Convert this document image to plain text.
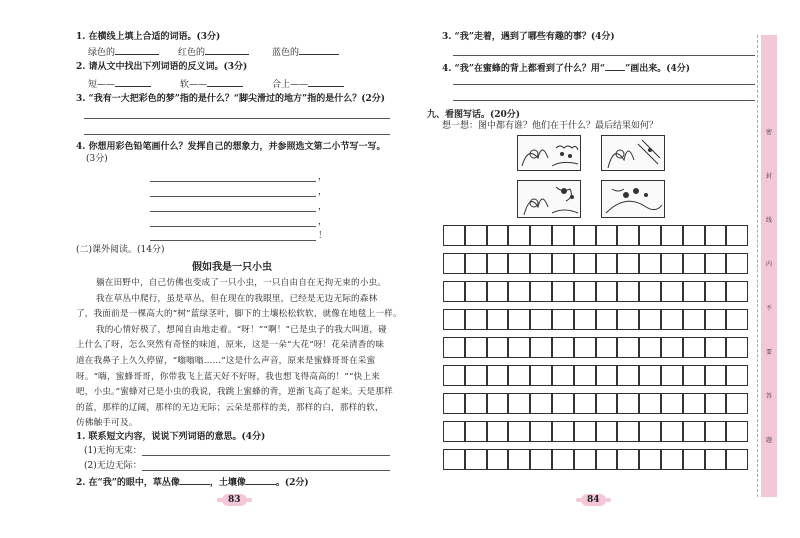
1. 在横线上填上合适的词语。(3分)
绿色的	红色的	蓝色的
2. 请从文中找出下列词语的反义词。(3分)
短——	软——	合上——
3. “我有一大把彩色的梦”指的是什么？“脚尖滑过的地方”指的是什么？(2分)
4. 你想用彩色铅笔画什么？发挥自己的想象力，并参照选文第二小节写一写。
(3分)
，
，
，
，
！
(二)课外阅读。(14分)
假如我是一只小虫
躺在田野中，自己仿佛也变成了一只小虫，一只自由自在无拘无束的小虫。
我在草丛中爬行，虽是草丛，但在现在的我眼里，已经是无边无际的森林
了，我面前是一棵高大的“树”蓝绿茎叶，脚下的土壤松松软软，就像在地毯上一样。
我的心情好极了，想闻自由地走着。“呀！”“啊！”已是虫子的我大叫道，碰
上什么了呀，怎么突然有奇怪的味道，原来，这是一朵“大花”呀！花朵清香的味
道在我鼻子上久久停留，“嗡嗡嗡……”这是什么声音，原来是蜜蜂哥哥在采蜜
呀。“嗨，蜜蜂哥哥，你带我飞上蓝天好不好呀，我也想飞得高高的！”“快上来
吧，小虫。”蜜蜂对已是小虫的我说，我跳上蜜蜂的背，逆渐飞高了起来。天是那样
的蓝，那样的辽阔，那样的无边无际；云朵是那样的美，那样的白，那样的软，
仿佛触手可及。
1. 联系短文内容，说说下列词语的意思。(4分)
(1)无拘无束：
(2)无边无际：
2. 在“我”的眼中，草丛像	，土壤像	。(2分)
83
3. “我”走着，遇到了哪些有趣的事？(4分)
4. “我”在蜜蜂的背上都看到了什么？用“ ”画出来。(4分)
九、看图写话。(20分)
想一想：图中都有谁？他们在干什么？最后结果如何？
84
密
封
线
内
不
要
答
题
